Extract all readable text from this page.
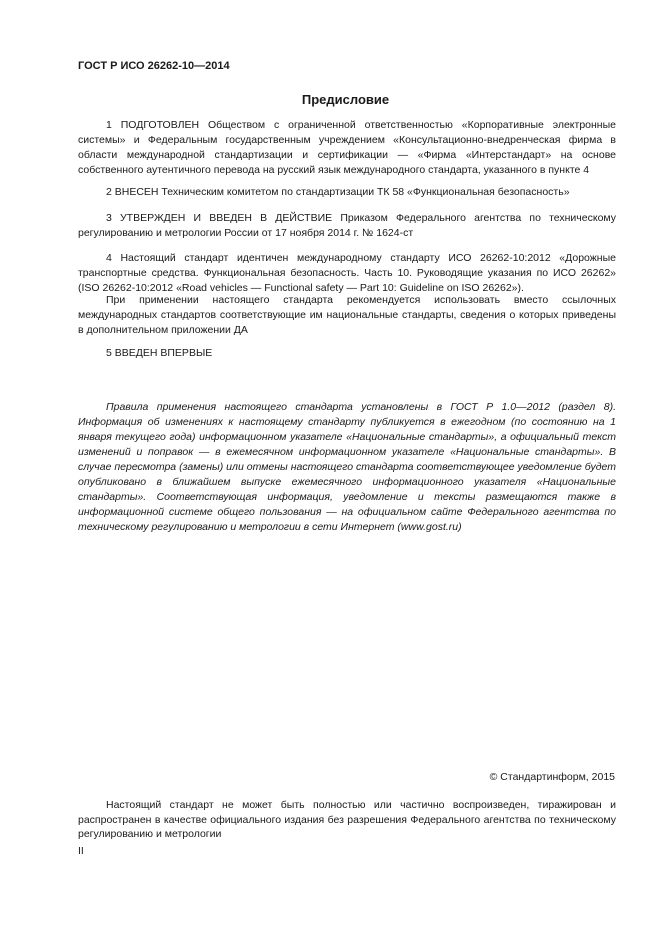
ГОСТ Р ИСО 26262-10—2014
Предисловие

1 ПОДГОТОВЛЕН Обществом с ограниченной ответственностью «Корпоративные электронные системы» и Федеральным государственным учреждением «Консультационно-внедренческая фирма в области международной стандартизации и сертификации — «Фирма «Интерстандарт» на основе собственного аутентичного перевода на русский язык международного стандарта, указанного в пункте 4

2 ВНЕСЕН Техническим комитетом по стандартизации ТК 58 «Функциональная безопасность»

3 УТВЕРЖДЕН И ВВЕДЕН В ДЕЙСТВИЕ Приказом Федерального агентства по техническому регулированию и метрологии России от 17 ноября 2014 г. № 1624-ст

4 Настоящий стандарт идентичен международному стандарту ИСО 26262-10:2012 «Дорожные транспортные средства. Функциональная безопасность. Часть 10. Руководящие указания по ИСО 26262» (ISO 26262-10:2012 «Road vehicles — Functional safety — Part 10: Guideline on ISO 26262»).

При применении настоящего стандарта рекомендуется использовать вместо ссылочных международных стандартов соответствующие им национальные стандарты, сведения о которых приведены в дополнительном приложении ДА

5 ВВЕДЕН ВПЕРВЫЕ

Правила применения настоящего стандарта установлены в ГОСТ Р 1.0—2012 (раздел 8). Информация об изменениях к настоящему стандарту публикуется в ежегодном (по состоянию на 1 января текущего года) информационном указателе «Национальные стандарты», а официальный текст изменений и поправок — в ежемесячном информационном указателе «Национальные стандарты». В случае пересмотра (замены) или отмены настоящего стандарта соответствующее уведомление будет опубликовано в ближайшем выпуске ежемесячного информационного указателя «Национальные стандарты». Соответствующая информация, уведомление и тексты размещаются также в информационной системе общего пользования — на официальном сайте Федерального агентства по техническому регулированию и метрологии в сети Интернет (www.gost.ru)

© Стандартинформ, 2015

Настоящий стандарт не может быть полностью или частично воспроизведен, тиражирован и распространен в качестве официального издания без разрешения Федерального агентства по техническому регулированию и метрологии

II
